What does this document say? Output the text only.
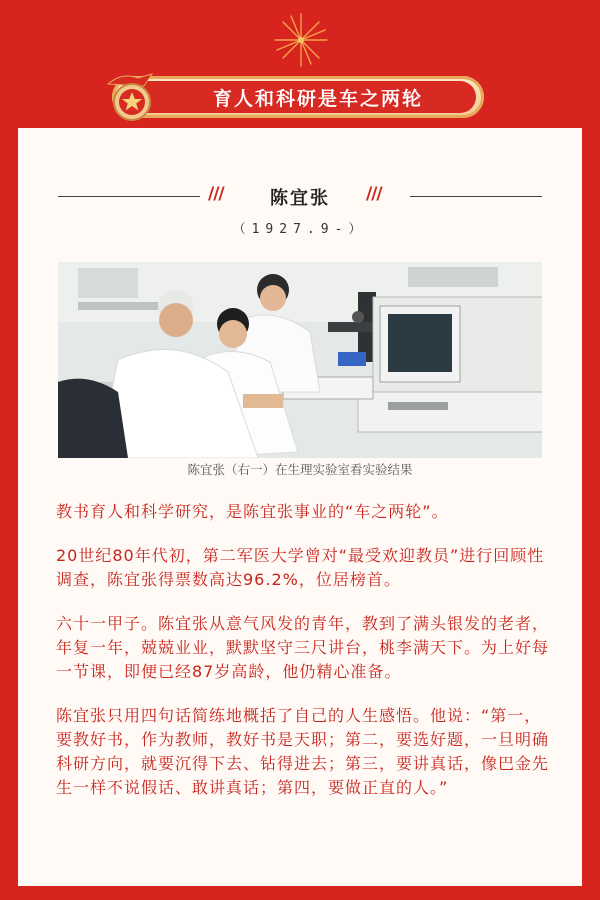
育人和科研是车之两轮
///	陈宜张	///
（1927.9-）
陈宜张（右一）在生理实验室看实验结果

教书育人和科学研究，是陈宜张事业的“车之两轮”。

20世纪80年代初，第二军医大学曾对“最受欢迎教员”进行回顾性调查，陈宜张得票数高达96.2%，位居榜首。

六十一甲子。陈宜张从意气风发的青年，教到了满头银发的老者，年复一年，兢兢业业，默默坚守三尺讲台，桃李满天下。为上好每一节课，即便已经87岁高龄，他仍精心准备。

陈宜张只用四句话简练地概括了自己的人生感悟。他说：“第一，要教好书，作为教师，教好书是天职；第二，要选好题，一旦明确科研方向，就要沉得下去、钻得进去；第三，要讲真话，像巴金先生一样不说假话、敢讲真话；第四，要做正直的人。”
